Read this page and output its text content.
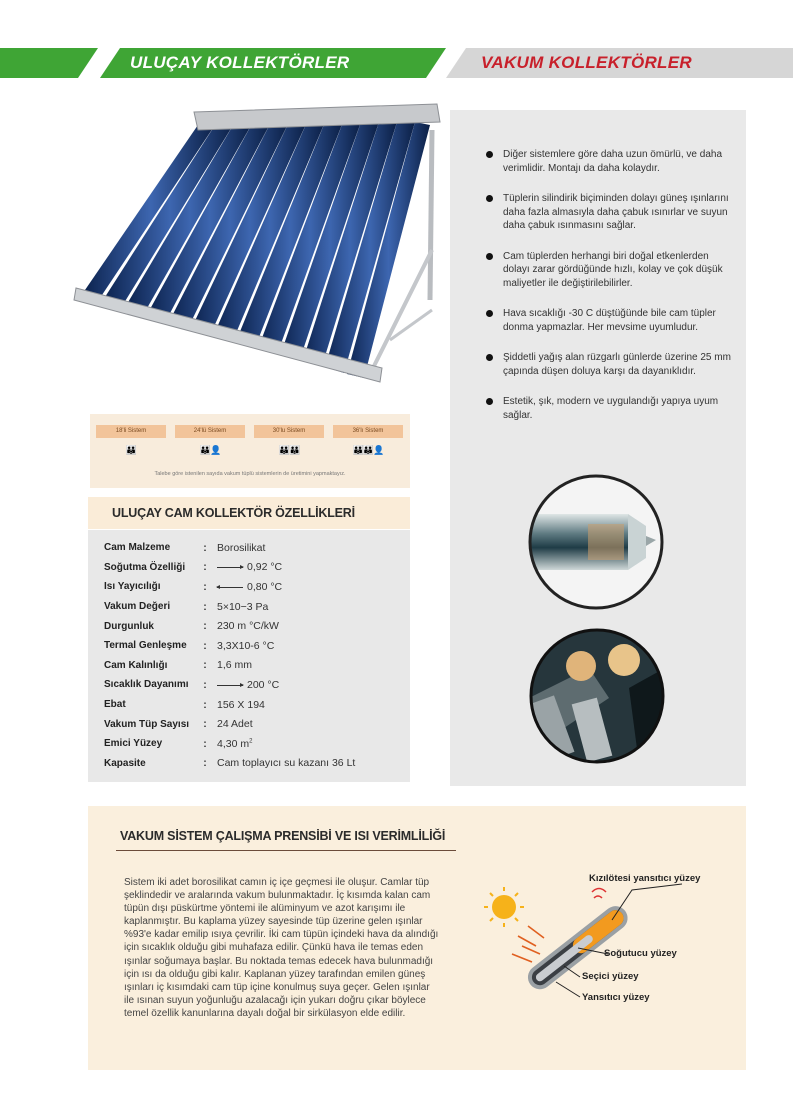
ULUÇAY KOLLEKTÖRLER	VAKUM KOLLEKTÖRLER
18'li Sistem	24'lü Sistem	30'lu Sistem	36'lı Sistem
👪	👪👤	👪👪	👪👪👤
Talebe göre istenilen sayıda vakum tüplü sistemlerin de üretimini yapmaktayız.
ULUÇAY CAM KOLLEKTÖR ÖZELLİKLERİ
Cam Malzeme	:	Borosilikat
Soğutma Özelliği	:	0,92 °C
Isı Yayıcılığı	:	0,80 °C
Vakum Değeri	:	5×10−3 Pa
Durgunluk	:	230 m °C/kW
Termal Genleşme	:	3,3X10-6 °C
Cam Kalınlığı	:	1,6 mm
Sıcaklık Dayanımı	:	200 °C
Ebat	:	156 X 194
Vakum Tüp Sayısı	:	24 Adet
Emici Yüzey	:	4,30 $m^2$
Kapasite	:	Cam toplayıcı su kazanı 36 Lt
Diğer sistemlere göre daha uzun ömürlü, ve daha verimlidir. Montajı da daha kolaydır.
Tüplerin silindirik biçiminden dolayı güneş ışınlarını daha fazla almasıyla daha çabuk ısınırlar ve suyun daha çabuk ısınmasını sağlar.
Cam tüplerden herhangi biri doğal etkenlerden dolayı zarar gördüğünde hızlı, kolay ve çok düşük maliyetler ile değiştirilebilirler.
Hava sıcaklığı -30 C düştüğünde bile cam tüpler donma yapmazlar. Her mevsime uyumludur.
Şiddetli yağış alan rüzgarlı günlerde üzerine 25 mm çapında düşen doluya karşı da dayanıklıdır.
Estetik, şık, modern ve uygulandığı yapıya uyum sağlar.
VAKUM SİSTEM ÇALIŞMA PRENSİBİ VE ISI VERİMLİLİĞİ

Sistem iki adet borosilikat camın iç içe geçmesi ile oluşur. Camlar tüp şeklindedir ve aralarında vakum bulunmaktadır. İç kısımda kalan cam tüpün dışı püskürtme yöntemi ile alüminyum ve azot karışımı ile kaplanmıştır. Bu kaplama yüzey sayesinde tüp üzerine gelen ışınlar %93'e kadar emilip ısıya çevrilir. İki cam tüpün içindeki hava da alındığı için sıcaklık olduğu gibi muhafaza edilir. Çünkü hava ile temas eden ışınlar soğumaya başlar. Bu noktada temas edecek hava bulunmadığı için ısı da olduğu gibi kalır. Kaplanan yüzey tarafından emilen güneş ışınları iç kısımdaki cam tüp içine konulmuş suya geçer. Gelen ışınlar ile ısınan suyun yoğunluğu azalacağı için yukarı doğru çıkar böylece temel özellik kanunlarına dayalı doğal bir sirkülasyon elde edilir.

Kızılötesi yansıtıcı yüzey
Soğutucu yüzey
Seçici yüzey
Yansıtıcı yüzey
